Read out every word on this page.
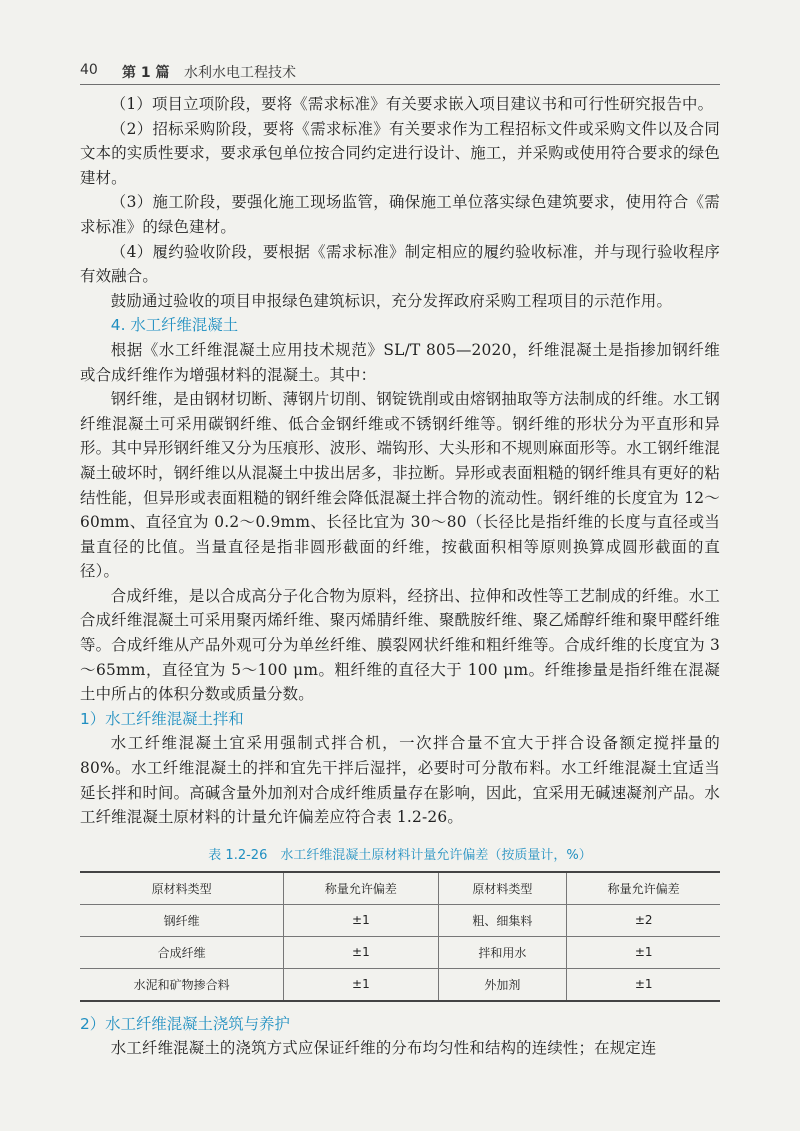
40 第 1 篇 水利水电工程技术

（1）项目立项阶段，要将《需求标准》有关要求嵌入项目建议书和可行性研究报告中。

（2）招标采购阶段，要将《需求标准》有关要求作为工程招标文件或采购文件以及合同文本的实质性要求，要求承包单位按合同约定进行设计、施工，并采购或使用符合要求的绿色建材。

（3）施工阶段，要强化施工现场监管，确保施工单位落实绿色建筑要求，使用符合《需求标准》的绿色建材。

（4）履约验收阶段，要根据《需求标准》制定相应的履约验收标准，并与现行验收程序有效融合。

鼓励通过验收的项目申报绿色建筑标识，充分发挥政府采购工程项目的示范作用。

4. 水工纤维混凝土

根据《水工纤维混凝土应用技术规范》SL/T 805—2020，纤维混凝土是指掺加钢纤维或合成纤维作为增强材料的混凝土。其中：

钢纤维，是由钢材切断、薄钢片切削、钢锭铣削或由熔钢抽取等方法制成的纤维。水工钢纤维混凝土可采用碳钢纤维、低合金钢纤维或不锈钢纤维等。钢纤维的形状分为平直形和异形。其中异形钢纤维又分为压痕形、波形、端钩形、大头形和不规则麻面形等。水工钢纤维混凝土破坏时，钢纤维以从混凝土中拔出居多，非拉断。异形或表面粗糙的钢纤维具有更好的粘结性能，但异形或表面粗糙的钢纤维会降低混凝土拌合物的流动性。钢纤维的长度宜为 12～60mm、直径宜为 0.2～0.9mm、长径比宜为 30～80（长径比是指纤维的长度与直径或当量直径的比值。当量直径是指非圆形截面的纤维，按截面积相等原则换算成圆形截面的直径）。

合成纤维，是以合成高分子化合物为原料，经挤出、拉伸和改性等工艺制成的纤维。水工合成纤维混凝土可采用聚丙烯纤维、聚丙烯腈纤维、聚酰胺纤维、聚乙烯醇纤维和聚甲醛纤维等。合成纤维从产品外观可分为单丝纤维、膜裂网状纤维和粗纤维等。合成纤维的长度宜为 3～65mm，直径宜为 5～100 μm。粗纤维的直径大于 100 μm。纤维掺量是指纤维在混凝土中所占的体积分数或质量分数。

1）水工纤维混凝土拌和

水工纤维混凝土宜采用强制式拌合机，一次拌合量不宜大于拌合设备额定搅拌量的 80%。水工纤维混凝土的拌和宜先干拌后湿拌，必要时可分散布料。水工纤维混凝土宜适当延长拌和时间。高碱含量外加剂对合成纤维质量存在影响，因此，宜采用无碱速凝剂产品。水工纤维混凝土原材料的计量允许偏差应符合表 1.2-26。

表 1.2-26　水工纤维混凝土原材料计量允许偏差（按质量计，%）
原材料类型	称量允许偏差	原材料类型	称量允许偏差
钢纤维	±1	粗、细集料	±2
合成纤维	±1	拌和用水	±1
水泥和矿物掺合料	±1	外加剂	±1
2）水工纤维混凝土浇筑与养护

水工纤维混凝土的浇筑方式应保证纤维的分布均匀性和结构的连续性；在规定连
